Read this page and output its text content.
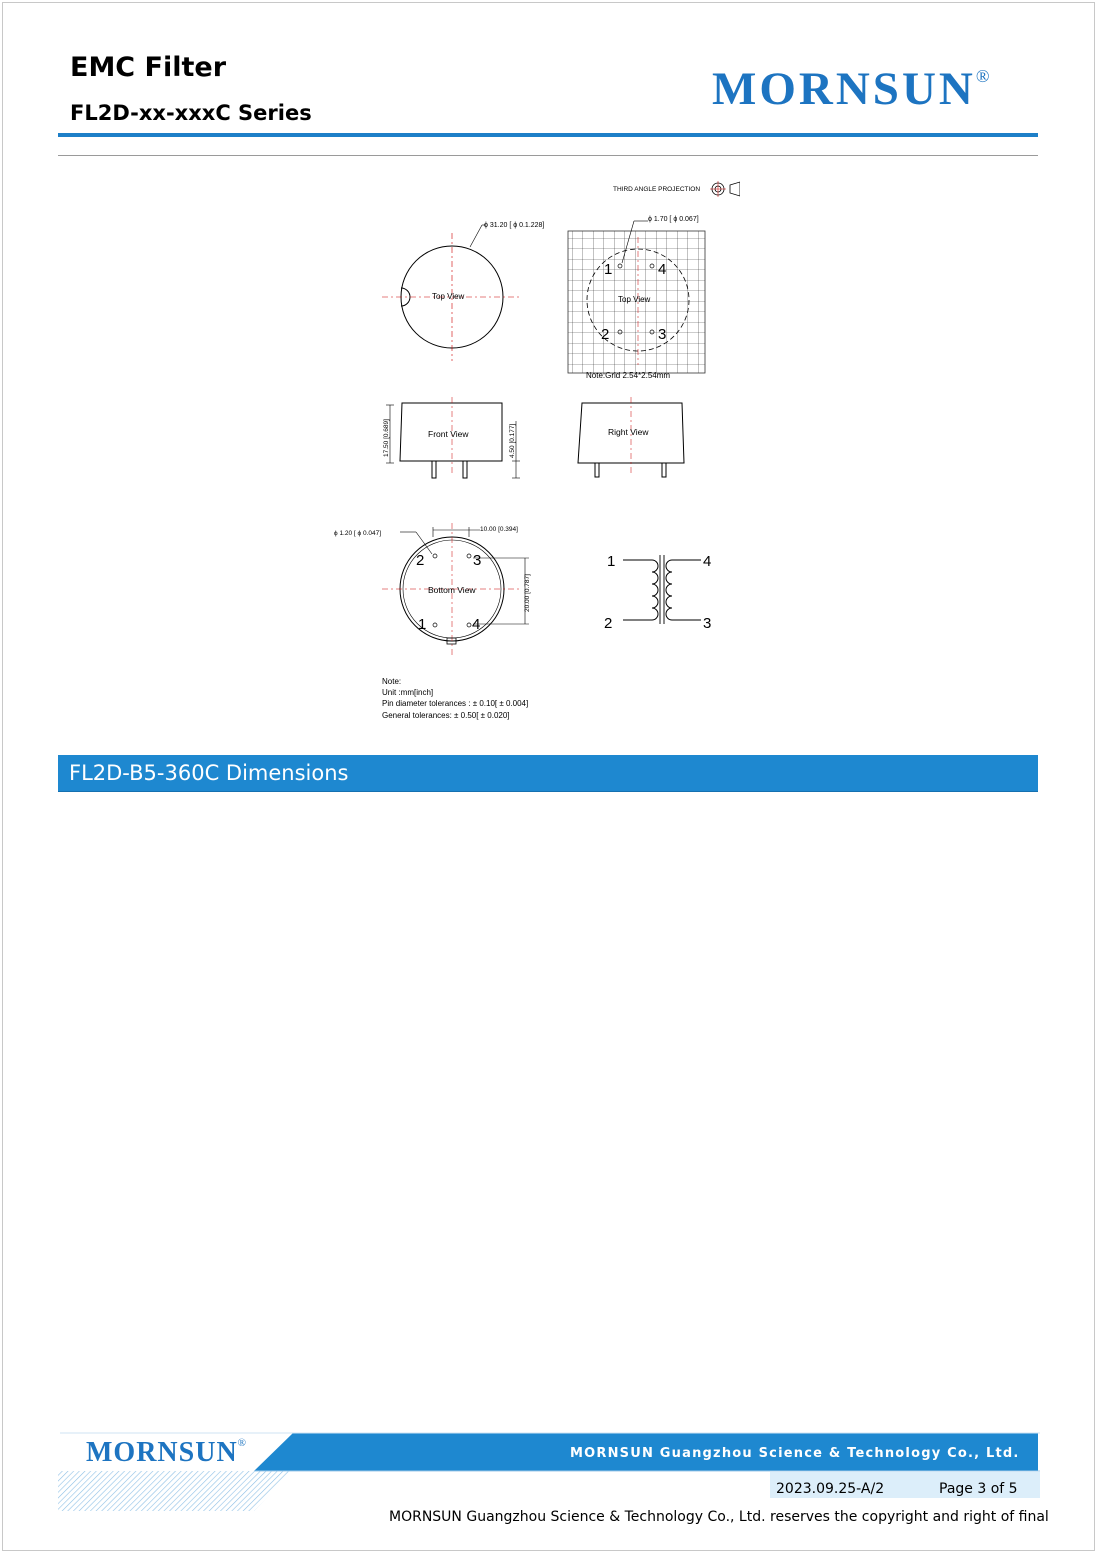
EMC Filter
FL2D-xx-xxxC Series	MORNSUN®
THIRD ANGLE PROJECTION
ϕ 31.20 [ ϕ 0.1.228]
Top View
ϕ 1.70 [ ϕ 0.067]
1	4
2	3
Top View
Note:Grid 2.54*2.54mm
Front View
17.50 [0.689]	4.50 [0.177]	Right View
10.00 [0.394]
ϕ 1.20 [ ϕ 0.047]
20.00 [0.787]
Bottom View
2	3
1	4
1
2
4
3
Note:
Unit :mm[inch]
Pin diameter tolerances : ± 0.10[ ± 0.004]
General tolerances: ± 0.50[ ± 0.020]
FL2D-B5-360C Dimensions
MORNSUN®
MORNSUN Guangzhou Science & Technology Co., Ltd.
2023.09.25-A/2	Page 3 of 5
MORNSUN Guangzhou Science & Technology Co., Ltd. reserves the copyright and right of final
